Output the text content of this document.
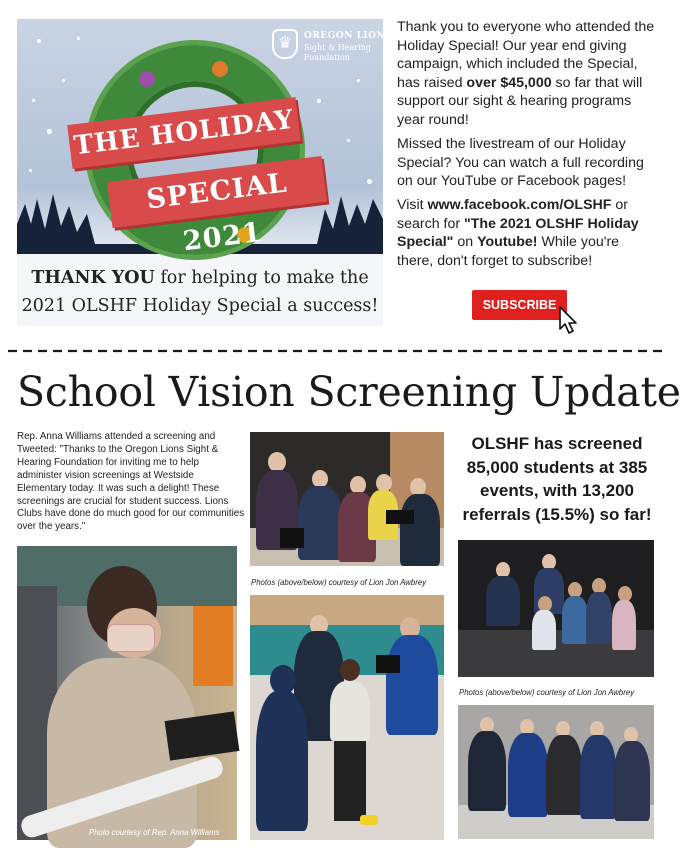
THE HOLIDAY
SPECIAL 2021
♛	OREGON LIONS
Sight & Hearing
Foundation
THANK YOU for helping to make the
2021 OLSHF Holiday Special a success!
Thank you to everyone who attended the Holiday Special! Our year end giving campaign, which included the Special, has raised over $45,000 so far that will support our sight & hearing programs year round!
Missed the livestream of our Holiday Special? You can watch a full recording on our YouTube or Facebook pages!
Visit www.facebook.com/OLSHF or search for "The 2021 OLSHF Holiday Special" on Youtube! While you're there, don't forget to subscribe!
SUBSCRIBE
School Vision Screening Update
Rep. Anna Williams attended a screening and Tweeted: "Thanks to the Oregon Lions Sight & Hearing Foundation for inviting me to help administer vision screenings at Westside Elementary today. It was such a delight! These screenings are crucial for student success. Lions Clubs have done do much good for our communities over the years."
OLSHF has screened 85,000 students at 385 events, with 13,200 referrals (15.5%) so far!
Photo courtesy of Rep. Anna Williams
Photos (above/below) courtesy of Lion Jon Awbrey
Photos (above/below) courtesy of Lion Jon Awbrey
